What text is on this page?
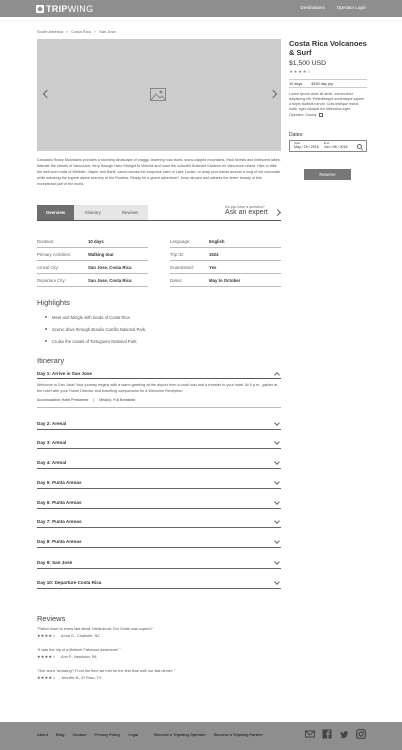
TRIPWING	Destinations	Operator Login
South America » Costa Rica » San Jose

Canada's Rocky Mountains provides a stunning landscape of craggy, towering rock faces, snow-capped mountains, thick forests and iridescent lakes. Wander the streets of Vancouver, ferry through Haro Straight to Victoria and roam the colourful Butchart Gardens on Vancouver island. Hike or bike the well worn trails of Whistler, Jasper and Banff, canoe across the turquoise calm of Lake Louise, or wrap your hands around a mug of hot chocolate while admiring the superb alpine scenery of the Rockies. Ready for a grand adventure? Jump aboard and witness the sheer beauty of this exceptional part of the world.

Overview	Itinerary	Reviews
Do you have a question?
Ask an expert
Duration:	10 days	Language:	English
Primary Activities:	Walking tour	Trip ID:	1524
Arrival City:	San Jose, Costa Rica	Guaranteed:	Yes
Departure City:	San Jose, Costa Rica	Dates:	May to October
Highlights
Meet and Mingle with locals of Costa Rica
Scenic drive through Braulio Carrillo National Park.
Cruise the canals of Tortuguero National Park.
Itinerary
Day 1: Arrive in San Jose
Welcome to San Jose! Your journey begins with a warm greeting at the airport from a local host and a transfer to your hotel. At 6 p.m., gather at the hotel with your Travel Director and travelling companions for a Welcome Reception.
Accomodation: Hotel Presidente | Meal(s): Full Breakfast
Day 2: Arenal
Day 3: Arenal
Day 4: Arenal
Day 5: Punta Arenas
Day 6: Punta Arenas
Day 7: Punta Arenas
Day 8: Punta Arenas
Day 9: San Jose
Day 10: Departure Costa Rica
Reviews
"Pared down to every last detail. Meticulous! Our Guide was superb! "
★★★★☆ - Anna G., Charlotte, NC
"It was the trip of a lifetime! Fabulous adventure! "
★★★★☆ - Ann P., Newtown, PA
"One word "amazing"! From the time we met for the first time until our last dinner. "
★★★★☆ - Jennifer B., El Paso, TX
Costa Rica Volcanoes & Surf
$1,500 USD
★★★★☆
10 days $150 day p/p
Lorem ipsum dolor sit amet, consectetur adipiscing elit. Pellentesque scelerisque sapien a turpis facilisis rutrum. Cras tristique lectus nulla, eget volutpat leo bibendum eget.
Operator: Gowey
Dates:
Start
May / 29 / 2016
End
Jun / 08 / 2016
Reserve
About Blog Contact Privacy Policy Legal	Become a Tripwing Operator Become a Tripwing Partner
